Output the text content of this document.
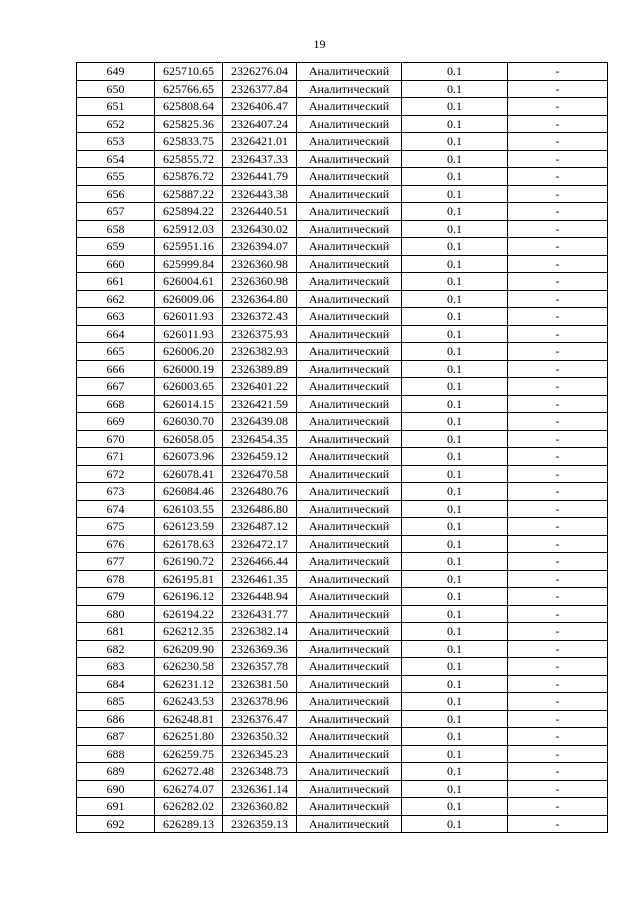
19
649	625710.65	2326276.04	Аналитический	0.1	-
650	625766.65	2326377.84	Аналитический	0.1	-
651	625808.64	2326406.47	Аналитический	0.1	-
652	625825.36	2326407.24	Аналитический	0.1	-
653	625833.75	2326421.01	Аналитический	0.1	-
654	625855.72	2326437.33	Аналитический	0.1	-
655	625876.72	2326441.79	Аналитический	0.1	-
656	625887.22	2326443.38	Аналитический	0.1	-
657	625894.22	2326440.51	Аналитический	0.1	-
658	625912.03	2326430.02	Аналитический	0.1	-
659	625951.16	2326394.07	Аналитический	0.1	-
660	625999.84	2326360.98	Аналитический	0.1	-
661	626004.61	2326360.98	Аналитический	0.1	-
662	626009.06	2326364.80	Аналитический	0.1	-
663	626011.93	2326372.43	Аналитический	0.1	-
664	626011.93	2326375.93	Аналитический	0.1	-
665	626006.20	2326382.93	Аналитический	0.1	-
666	626000.19	2326389.89	Аналитический	0.1	-
667	626003.65	2326401.22	Аналитический	0.1	-
668	626014.15	2326421.59	Аналитический	0.1	-
669	626030.70	2326439.08	Аналитический	0.1	-
670	626058.05	2326454.35	Аналитический	0.1	-
671	626073.96	2326459.12	Аналитический	0.1	-
672	626078.41	2326470.58	Аналитический	0.1	-
673	626084.46	2326480.76	Аналитический	0.1	-
674	626103.55	2326486.80	Аналитический	0.1	-
675	626123.59	2326487.12	Аналитический	0.1	-
676	626178.63	2326472.17	Аналитический	0.1	-
677	626190.72	2326466.44	Аналитический	0.1	-
678	626195.81	2326461.35	Аналитический	0.1	-
679	626196.12	2326448.94	Аналитический	0.1	-
680	626194.22	2326431.77	Аналитический	0.1	-
681	626212.35	2326382.14	Аналитический	0.1	-
682	626209.90	2326369.36	Аналитический	0.1	-
683	626230.58	2326357.78	Аналитический	0.1	-
684	626231.12	2326381.50	Аналитический	0.1	-
685	626243.53	2326378.96	Аналитический	0.1	-
686	626248.81	2326376.47	Аналитический	0.1	-
687	626251.80	2326350.32	Аналитический	0.1	-
688	626259.75	2326345.23	Аналитический	0.1	-
689	626272.48	2326348.73	Аналитический	0.1	-
690	626274.07	2326361.14	Аналитический	0.1	-
691	626282.02	2326360.82	Аналитический	0.1	-
692	626289.13	2326359.13	Аналитический	0.1	-
